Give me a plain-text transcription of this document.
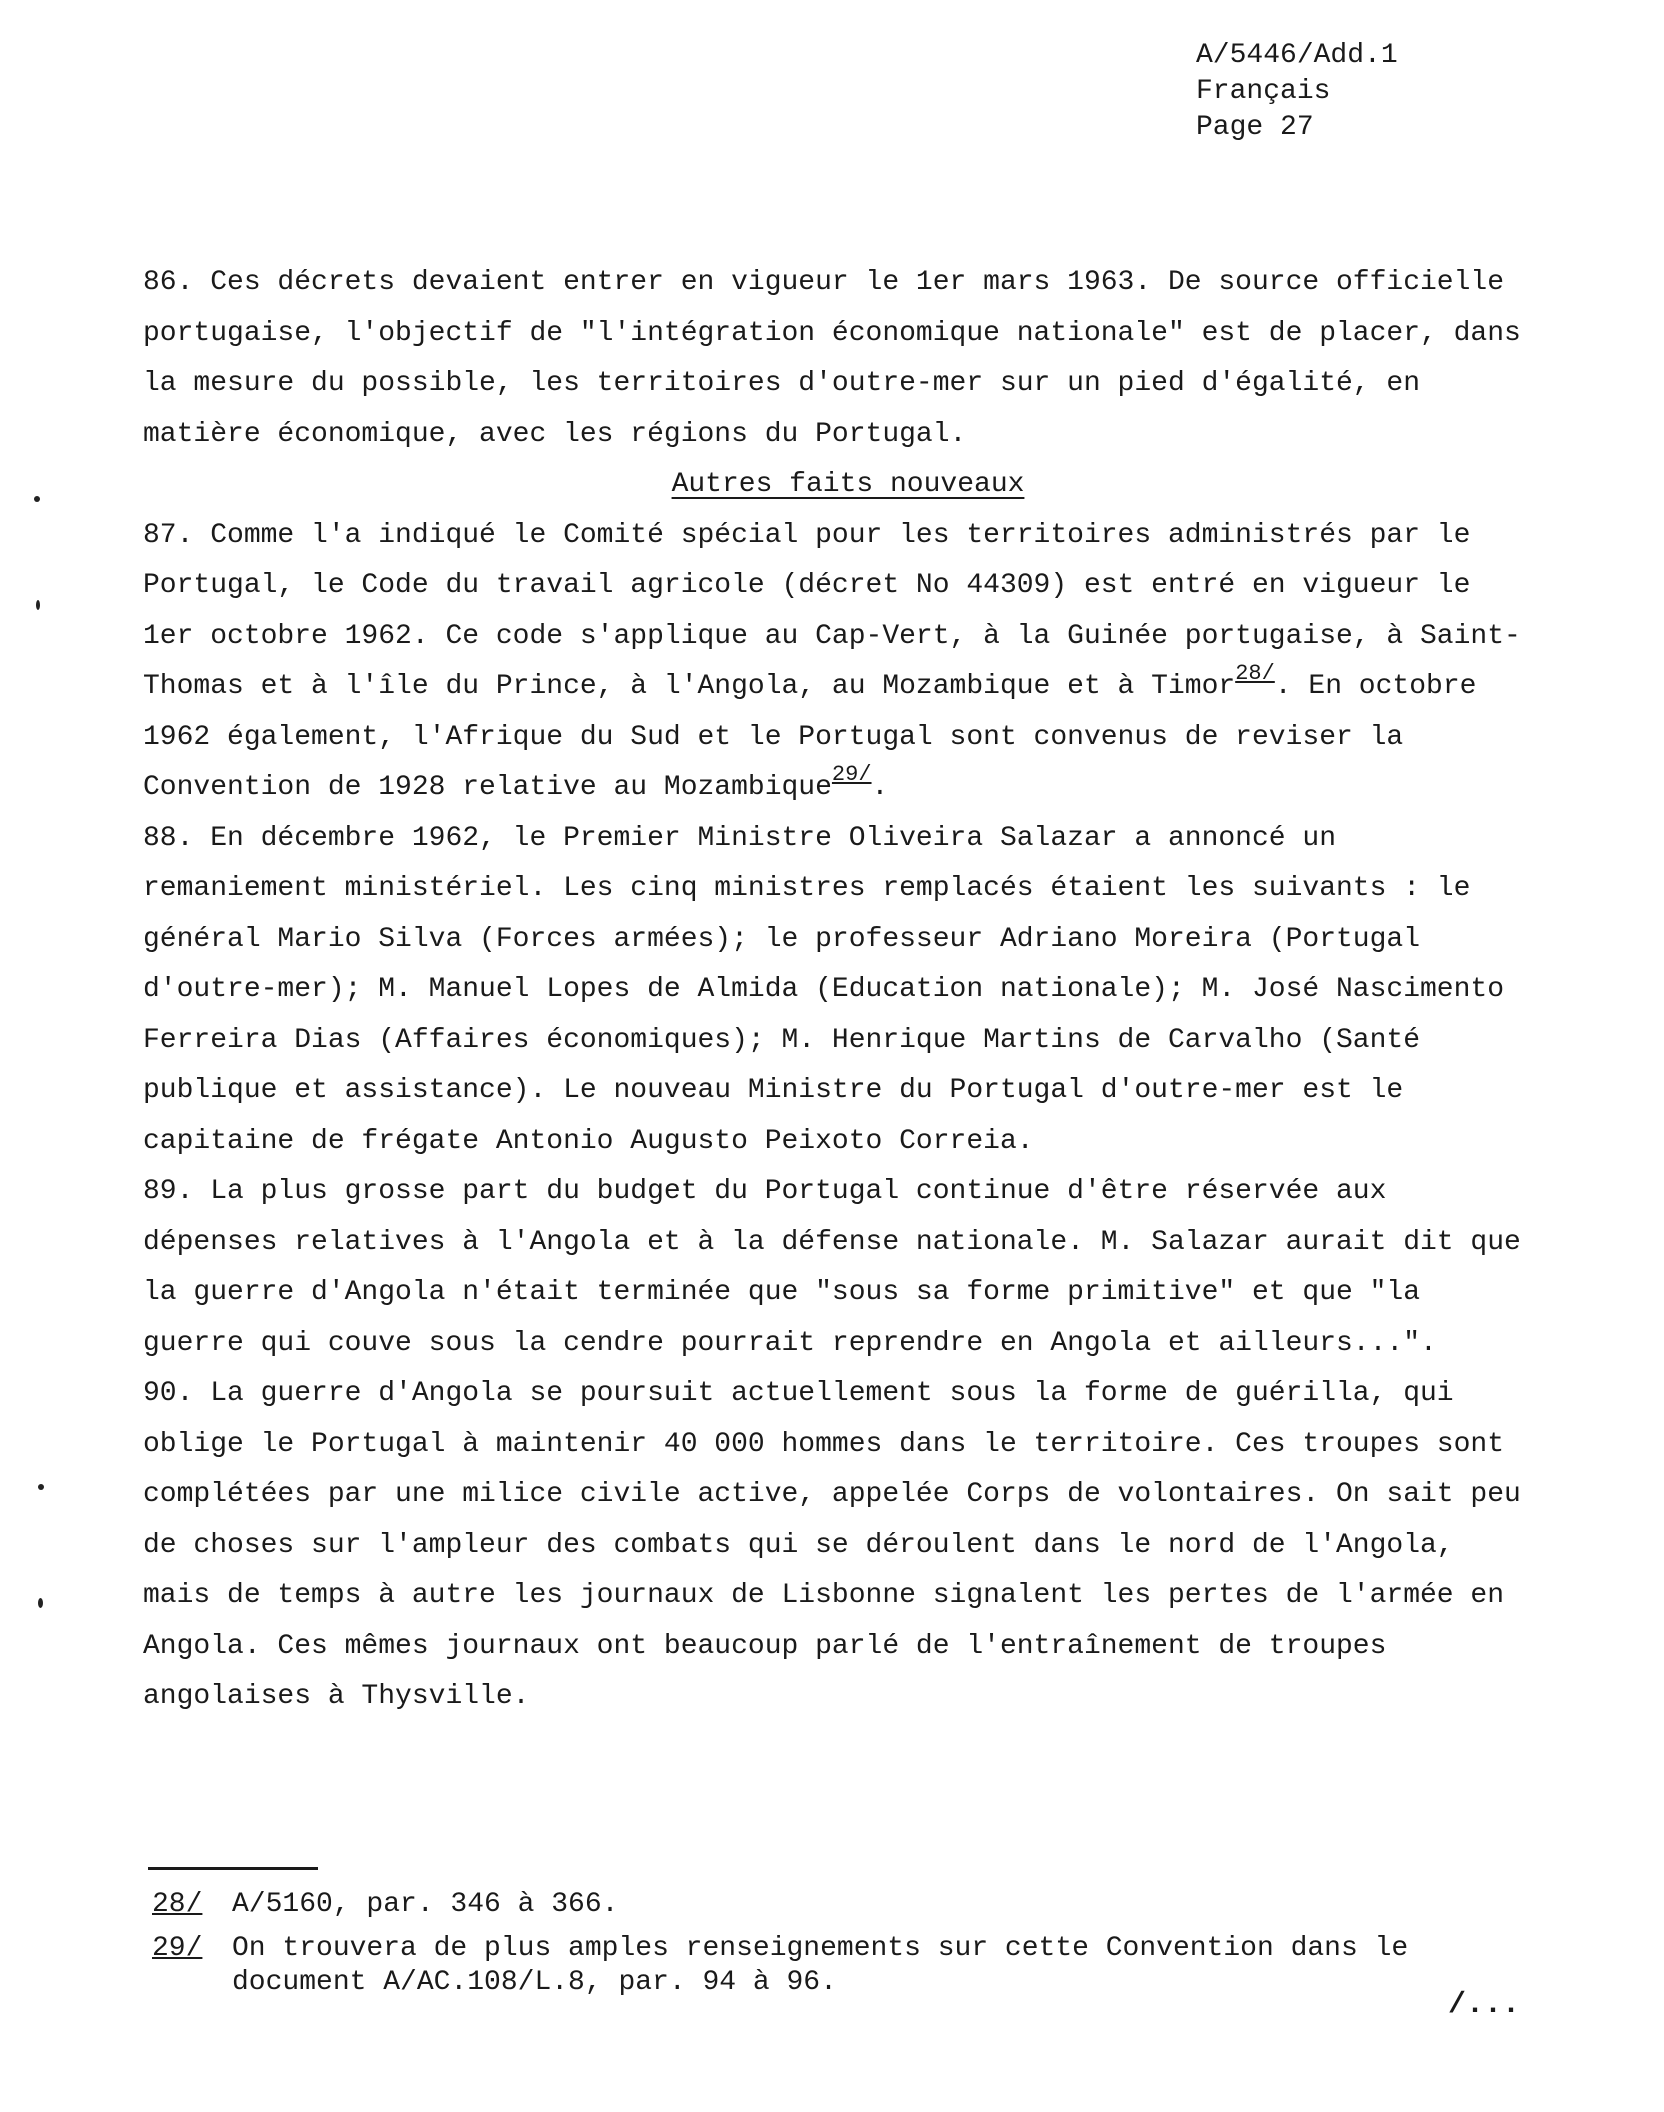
A/5446/Add.1
Français
Page 27

86. Ces décrets devaient entrer en vigueur le 1er mars 1963. De source officielle portugaise, l'objectif de "l'intégration économique nationale" est de placer, dans la mesure du possible, les territoires d'outre-mer sur un pied d'égalité, en matière économique, avec les régions du Portugal.

Autres faits nouveaux

87. Comme l'a indiqué le Comité spécial pour les territoires administrés par le Portugal, le Code du travail agricole (décret No 44309) est entré en vigueur le 1er octobre 1962. Ce code s'applique au Cap-Vert, à la Guinée portugaise, à Saint-Thomas et à l'île du Prince, à l'Angola, au Mozambique et à Timor$^{28/}$. En octobre 1962 également, l'Afrique du Sud et le Portugal sont convenus de reviser la Convention de 1928 relative au Mozambique$^{29/}$.

88. En décembre 1962, le Premier Ministre Oliveira Salazar a annoncé un remaniement ministériel. Les cinq ministres remplacés étaient les suivants : le général Mario Silva (Forces armées); le professeur Adriano Moreira (Portugal d'outre-mer); M. Manuel Lopes de Almida (Education nationale); M. José Nascimento Ferreira Dias (Affaires économiques); M. Henrique Martins de Carvalho (Santé publique et assistance). Le nouveau Ministre du Portugal d'outre-mer est le capitaine de frégate Antonio Augusto Peixoto Correia.

89. La plus grosse part du budget du Portugal continue d'être réservée aux dépenses relatives à l'Angola et à la défense nationale. M. Salazar aurait dit que la guerre d'Angola n'était terminée que "sous sa forme primitive" et que "la guerre qui couve sous la cendre pourrait reprendre en Angola et ailleurs...".

90. La guerre d'Angola se poursuit actuellement sous la forme de guérilla, qui oblige le Portugal à maintenir 40 000 hommes dans le territoire. Ces troupes sont complétées par une milice civile active, appelée Corps de volontaires. On sait peu de choses sur l'ampleur des combats qui se déroulent dans le nord de l'Angola, mais de temps à autre les journaux de Lisbonne signalent les pertes de l'armée en Angola. Ces mêmes journaux ont beaucoup parlé de l'entraînement de troupes angolaises à Thysville.

28/	A/5160, par. 346 à 366.
29/	On trouvera de plus amples renseignements sur cette Convention dans le document A/AC.108/L.8, par. 94 à 96.
/...
